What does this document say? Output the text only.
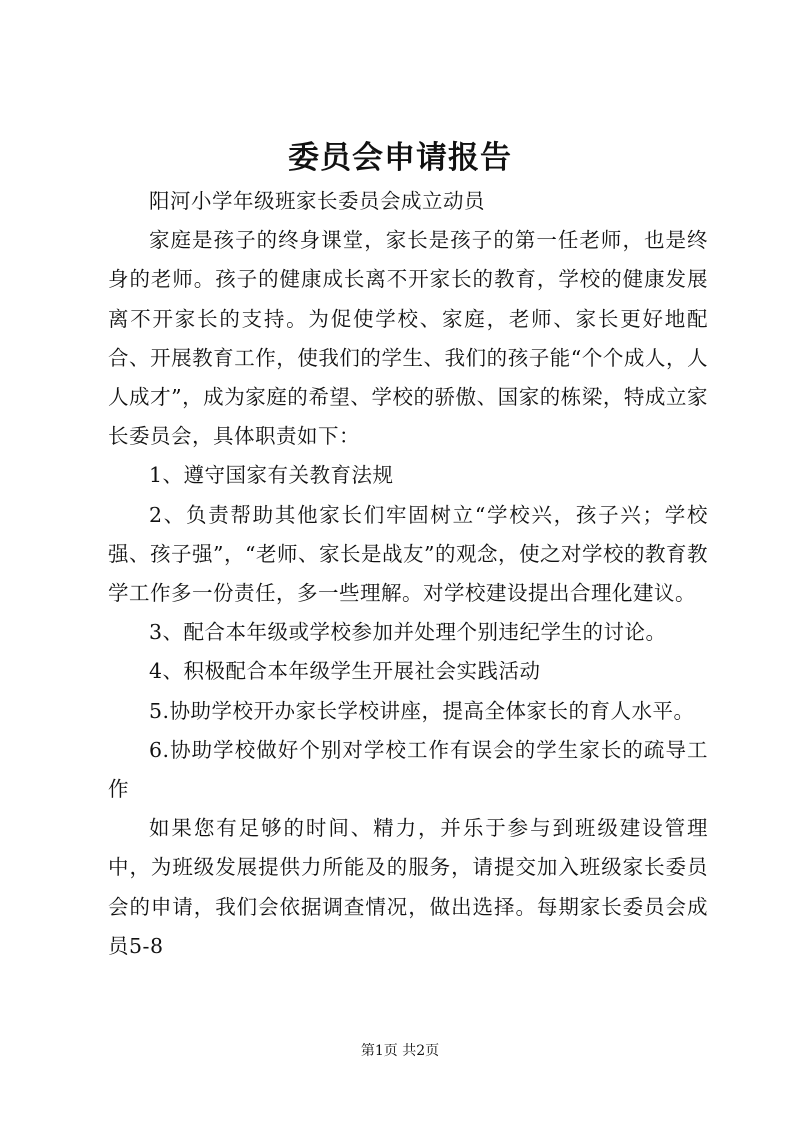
委员会申请报告

阳河小学年级班家长委员会成立动员

家庭是孩子的终身课堂，家长是孩子的第一任老师，也是终身的老师。孩子的健康成长离不开家长的教育，学校的健康发展离不开家长的支持。为促使学校、家庭，老师、家长更好地配合、开展教育工作，使我们的学生、我们的孩子能“个个成人，人人成才”，成为家庭的希望、学校的骄傲、国家的栋梁，特成立家长委员会，具体职责如下：

1、遵守国家有关教育法规

2、负责帮助其他家长们牢固树立“学校兴，孩子兴；学校强、孩子强”，“老师、家长是战友”的观念，使之对学校的教育教学工作多一份责任，多一些理解。对学校建设提出合理化建议。

3、配合本年级或学校参加并处理个别违纪学生的讨论。

4、积极配合本年级学生开展社会实践活动

5.协助学校开办家长学校讲座，提高全体家长的育人水平。

6.协助学校做好个别对学校工作有误会的学生家长的疏导工作

如果您有足够的时间、精力，并乐于参与到班级建设管理中，为班级发展提供力所能及的服务，请提交加入班级家长委员会的申请，我们会依据调查情况，做出选择。每期家长委员会成员5-8

第1页 共2页
